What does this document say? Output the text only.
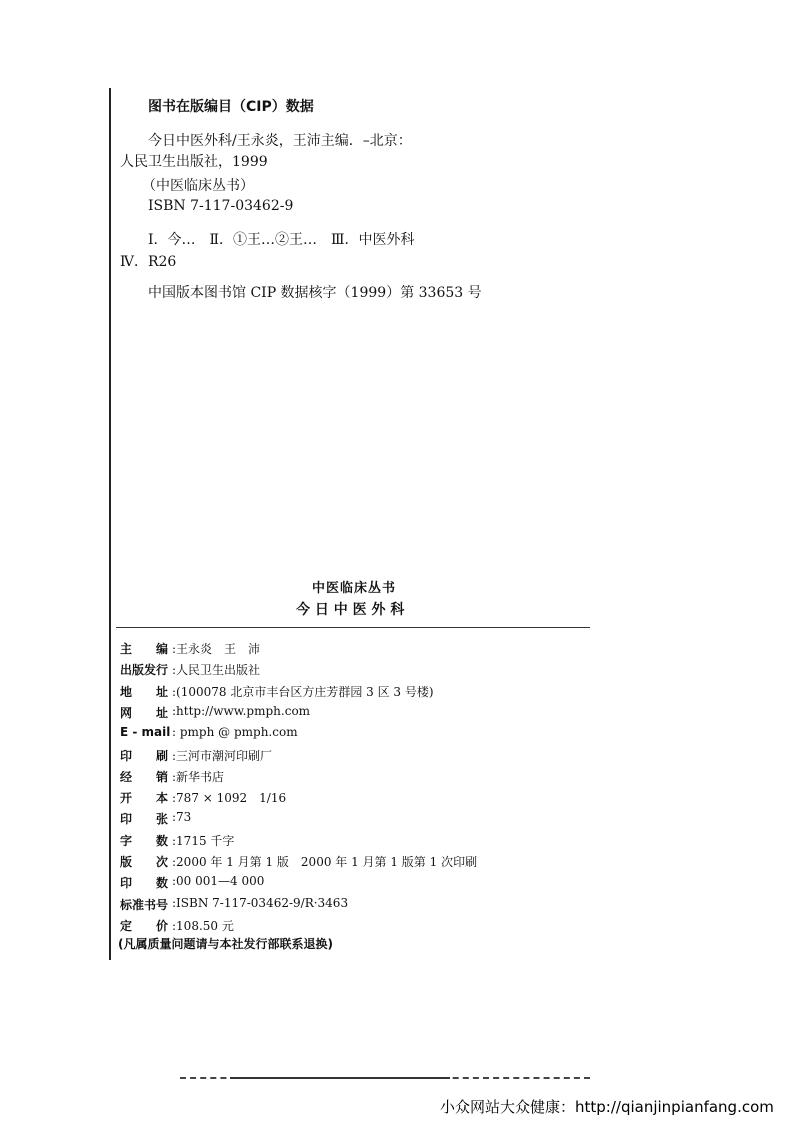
图书在版编目（CIP）数据
今日中医外科/王永炎，王沛主编．–北京：
人民卫生出版社，1999
（中医临床丛书）
ISBN 7-117-03462-9
Ⅰ．今…　Ⅱ．①王…②王…　Ⅲ．中医外科
Ⅳ．R26
中国版本图书馆 CIP 数据核字（1999）第 33653 号
中医临床丛书
今 日 中 医 外 科
主　　编 :王永炎　王　沛
出版发行 :人民卫生出版社
地　　址 :(100078 北京市丰台区方庄芳群园 3 区 3 号楼)
网　　址 :http://www.pmph.com
E - mail : pmph @ pmph.com
印　　刷 :三河市潮河印刷厂
经　　销 :新华书店
开　　本 :787 × 1092　1/16
印　　张 :73
字　　数 :1715 千字
版　　次 :2000 年 1 月第 1 版　2000 年 1 月第 1 版第 1 次印刷
印　　数 :00 001—4 000
标准书号 :ISBN 7-117-03462-9/R·3463
定　　价 :108.50 元
(凡属质量问题请与本社发行部联系退换)
小众网站大众健康：http://qianjinpianfang.com
